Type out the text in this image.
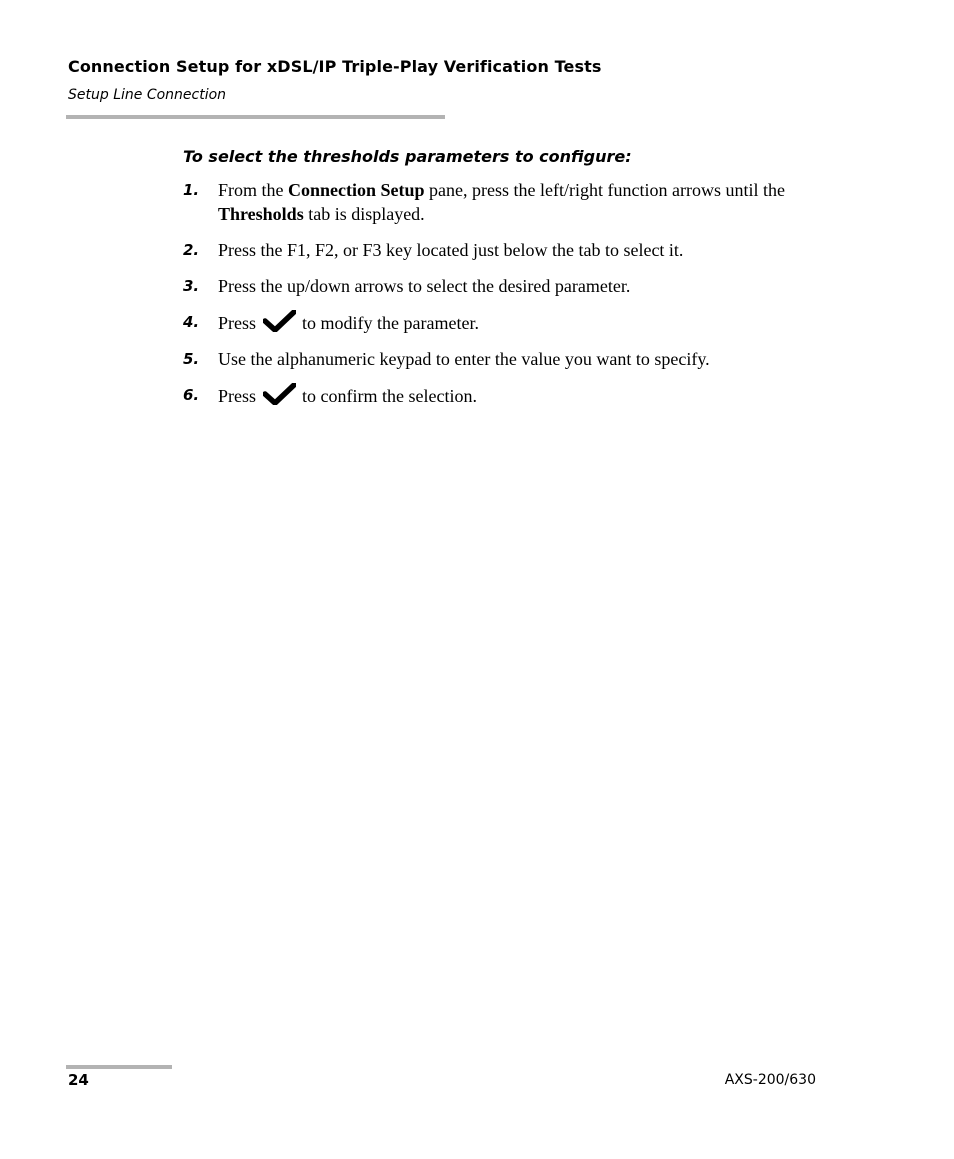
Connection Setup for xDSL/IP Triple-Play Verification Tests
Setup Line Connection
To select the thresholds parameters to configure:
1. From the Connection Setup pane, press the left/right function arrows until the Thresholds tab is displayed.
2. Press the F1, F2, or F3 key located just below the tab to select it.
3. Press the up/down arrows to select the desired parameter.
4. Press
to modify the parameter.
5. Use the alphanumeric keypad to enter the value you want to specify.
6. Press
to confirm the selection.
24	AXS-200/630
